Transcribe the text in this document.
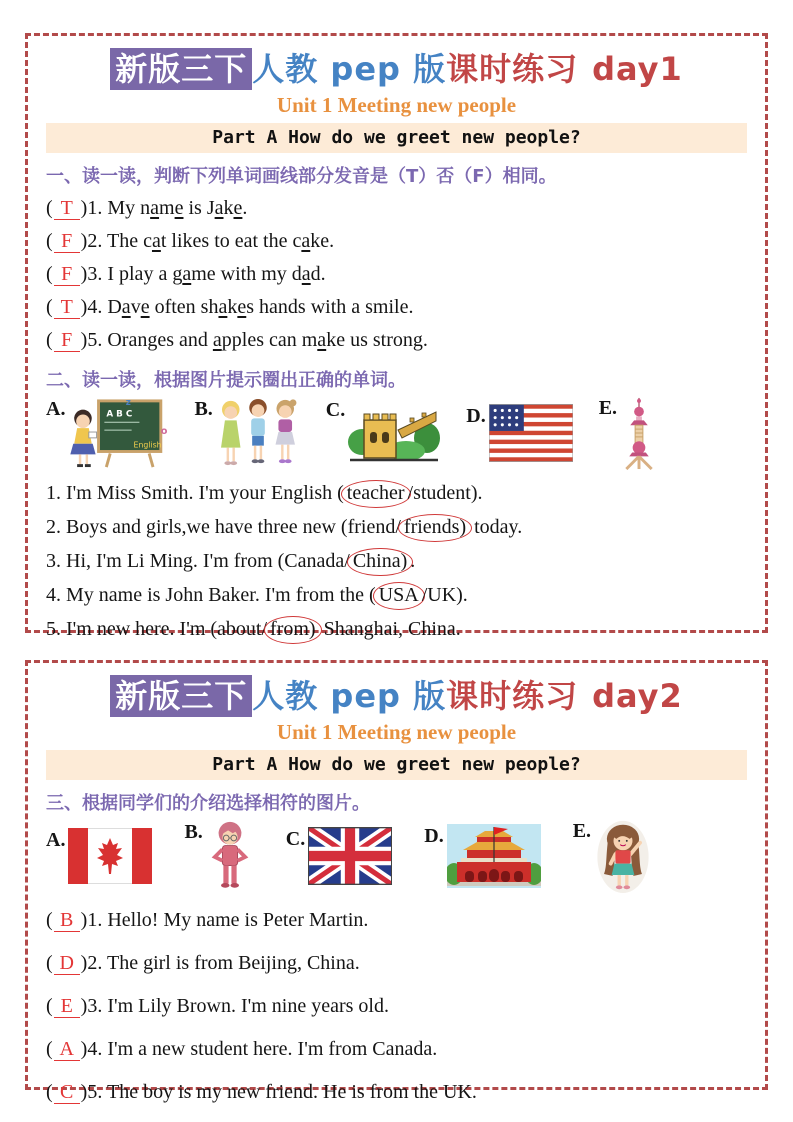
新版三下 人教 pep 版课时练习 day1
Unit 1 Meeting new people
Part A How do we greet new people?
一、读一读，判断下列单词画线部分发音是（T）否（F）相同。
( T )1. My name is Jake.
( F )2. The cat likes to eat the cake.
( F )3. I play a game with my dad.
( T )4. Dave often shakes hands with a smile.
( F )5. Oranges and apples can make us strong.
二、读一读，根据图片提示圈出正确的单词。
A.	A B C
English
z
o
B.	C.	D.	E.
1. I'm Miss Smith. I'm your English ( teacher /student).
2. Boys and girls,we have three new (friend/ friends) today.
3. Hi, I'm Li Ming. I'm from (Canada/ China) .
4. My name is John Baker. I'm from the ( USA /UK).
5. I'm new here. I'm (about/ from) Shanghai, China.
新版三下 人教 pep 版课时练习 day2
Unit 1 Meeting new people
Part A How do we greet new people?
三、根据同学们的介绍选择相符的图片。
A.	B.	C.	D.	E.
( B )1. Hello! My name is Peter Martin.
( D )2. The girl is from Beijing, China.
( E )3. I'm Lily Brown. I'm nine years old.
( A )4. I'm a new student here. I'm from Canada.
( C )5. The boy is my new friend. He is from the UK.
